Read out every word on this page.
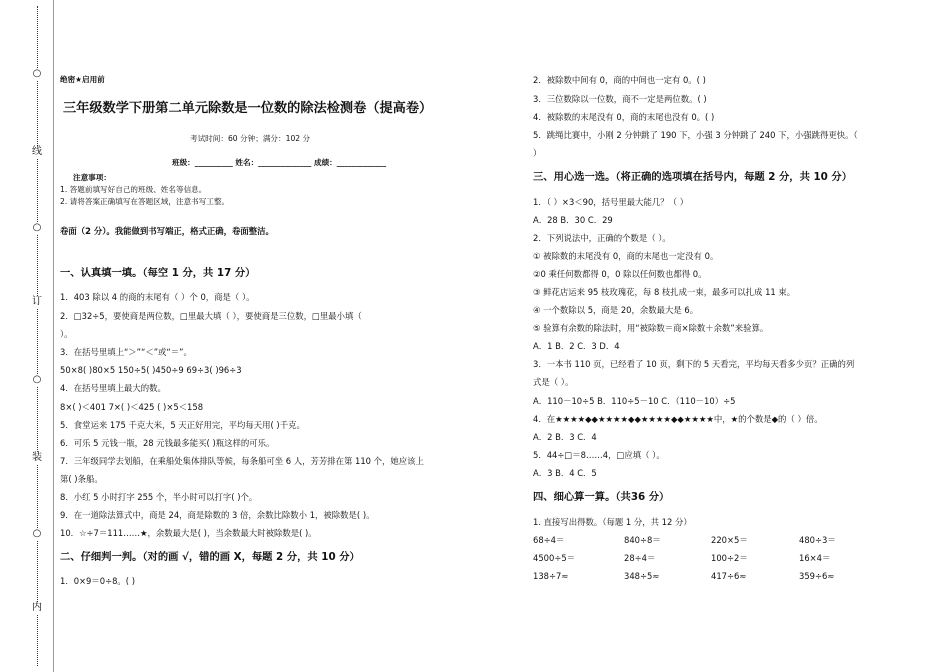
○
线
○
订
○
装
○
内
绝密★启用前
三年级数学下册第二单元除数是一位数的除法检测卷（提高卷）
考试时间：60 分钟；满分：102 分
班级：__________ 姓名：______________ 成绩：_____________
注意事项：
1. 答题前填写好自己的班级、姓名等信息。
2. 请将答案正确填写在答题区域，注意书写工整。
卷面（2 分）。我能做到书写端正，格式正确，卷面整洁。
一、认真填一填。（每空 1 分，共 17 分）
1．403 除以 4 的商的末尾有（ ）个 0，商是（ ）。
2．□32÷5，要使商是两位数，□里最大填（ ），要使商是三位数，□里最小填（
）。
3．在括号里填上“＞”“＜”或“＝”。
50×8( )80×5 150÷5( )450÷9 69÷3( )96÷3
4．在括号里填上最大的数。
8×( )＜401 7×( )＜425 ( )×5＜158
5．食堂运来 175 千克大米，5 天正好用完，平均每天用( )千克。
6．可乐 5 元钱一瓶，28 元钱最多能买( )瓶这样的可乐。
7．三年级同学去划船，在乘船处集体排队等候，每条船可坐 6 人，芳芳排在第 110 个，她应该上
第( )条船。
8．小红 5 小时打字 255 个，半小时可以打字( )个。
9．在一道除法算式中，商是 24，商是除数的 3 倍，余数比除数小 1，被除数是( )。
10．☆÷7＝111……★，余数最大是( )，当余数最大时被除数是( )。
二、仔细判一判。（对的画 √，错的画 X，每题 2 分，共 10 分）
1．0×9＝0÷8。( )
2．被除数中间有 0，商的中间也一定有 0。( )
3．三位数除以一位数，商不一定是两位数。( )
4．被除数的末尾没有 0，商的末尾也没有 0。( )
5．跳绳比赛中，小刚 2 分钟跳了 190 下，小强 3 分钟跳了 240 下，小强跳得更快。（
）
三、用心选一选。（将正确的选项填在括号内，每题 2 分，共 10 分）
1．（ ）×3＜90，括号里最大能几？（ ）
A．28 B．30 C．29
2．下列说法中，正确的个数是（ ）。
① 被除数的末尾没有 0，商的末尾也一定没有 0。
②0 乘任何数都得 0，0 除以任何数也都得 0。
③ 鲜花店运来 95 枝玫瑰花，每 8 枝扎成一束，最多可以扎成 11 束。
④ 一个数除以 5，商是 20，余数最大是 6。
⑤ 验算有余数的除法时，用“被除数＝商×除数＋余数”来验算。
A．1 B．2 C．3 D．4
3．一本书 110 页，已经看了 10 页，剩下的 5 天看完，平均每天看多少页？正确的列
式是（ ）。
A．110－10÷5 B．110÷5－10 C．（110－10）÷5
4．在★★★★◆◆★★★★◆◆★★★★◆◆★★★★中，★的个数是◆的（ ）倍。
A．2 B．3 C．4
5．44÷□＝8……4，□应填（ ）。
A．3 B．4 C．5
四、细心算一算。（共36 分）
1. 直接写出得数。（每题 1 分，共 12 分）
68÷4＝	840÷8＝	220×5＝	480÷3＝
4500÷5＝	28÷4＝	100÷2＝	16×4＝
138÷7≈	348÷5≈	417÷6≈	359÷6≈
